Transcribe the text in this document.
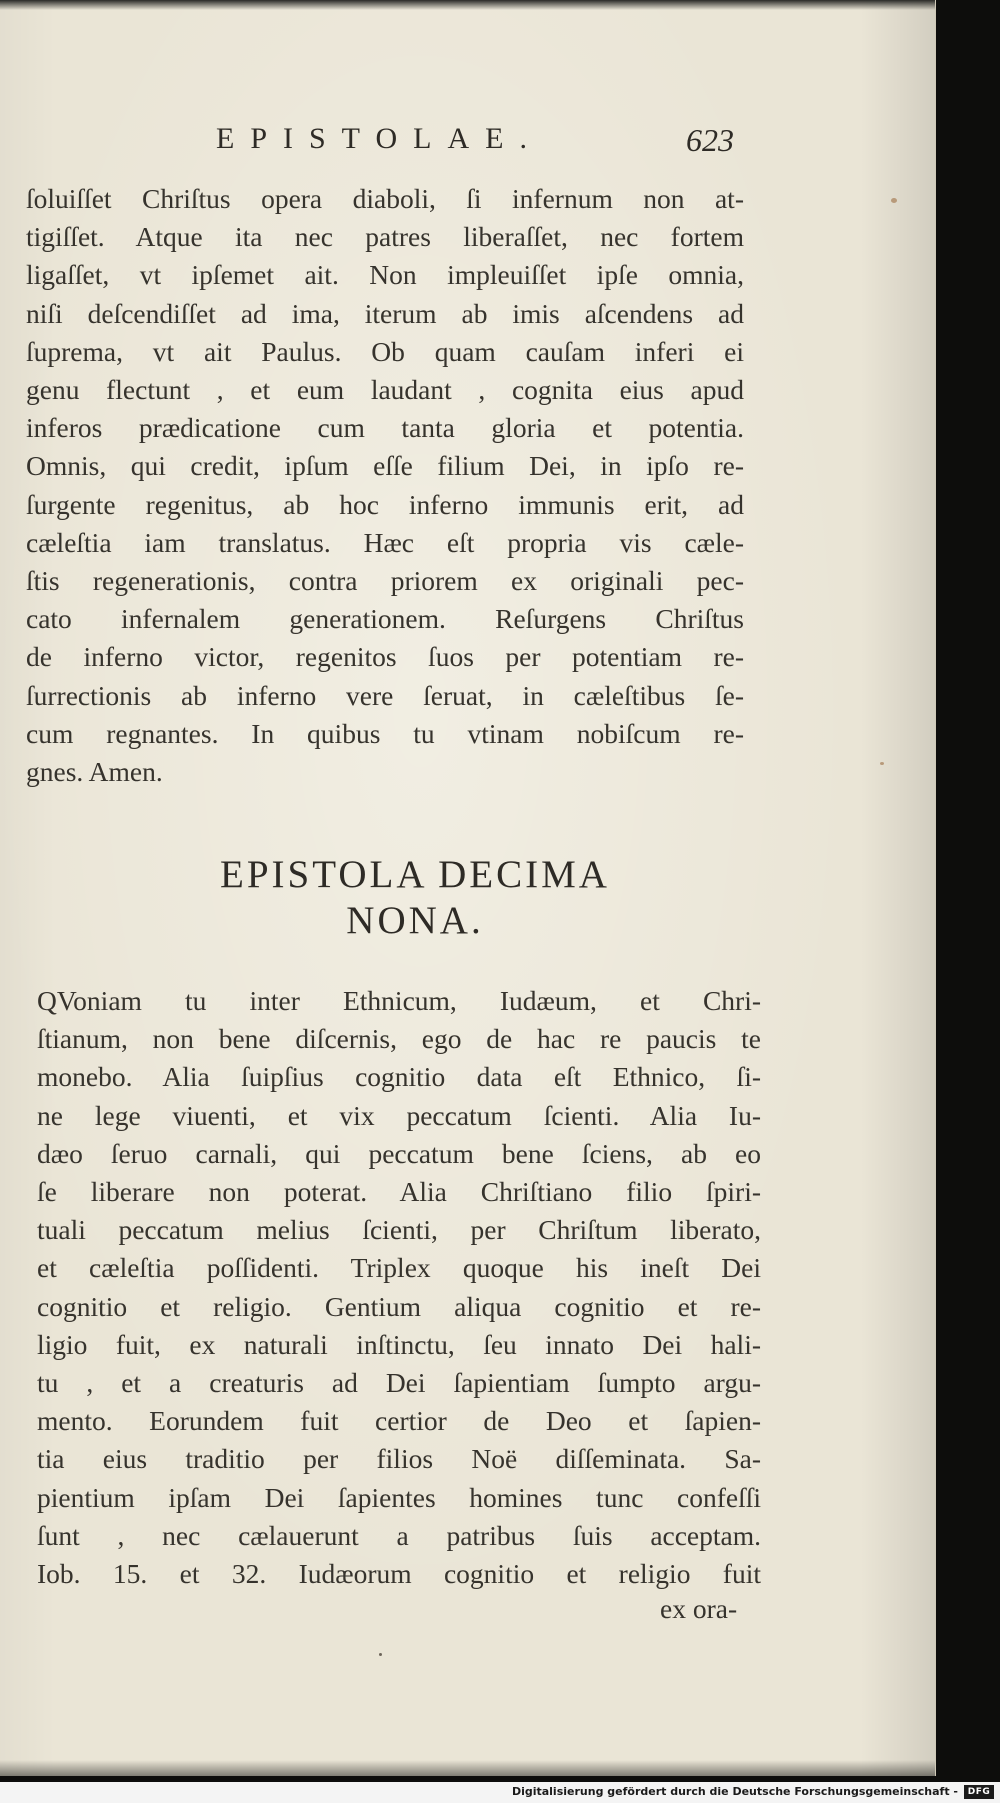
EPISTOLAE.	623

ſoluiſſet Chriſtus opera diaboli, ſi infernum non at-
tigiſſet. Atque ita nec patres liberaſſet, nec fortem
ligaſſet, vt ipſemet ait. Non impleuiſſet ipſe omnia,
niſi deſcendiſſet ad ima, iterum ab imis aſcendens ad
ſuprema, vt ait Paulus. Ob quam cauſam inferi ei
genu flectunt , et eum laudant , cognita eius apud
inferos prædicatione cum tanta gloria et potentia.
Omnis, qui credit, ipſum eſſe filium Dei, in ipſo re-
ſurgente regenitus, ab hoc inferno immunis erit, ad
cæleſtia iam translatus. Hæc eſt propria vis cæle-
ſtis regenerationis, contra priorem ex originali pec-
cato infernalem generationem. Reſurgens Chriſtus
de inferno victor, regenitos ſuos per potentiam re-
ſurrectionis ab inferno vere ſeruat, in cæleſtibus ſe-
cum regnantes. In quibus tu vtinam nobiſcum re-
gnes. Amen.

EPISTOLA DECIMA
NONA.

QVoniam tu inter Ethnicum, Iudæum, et Chri-
ſtianum, non bene diſcernis, ego de hac re paucis te
monebo. Alia ſuipſius cognitio data eſt Ethnico, ſi-
ne lege viuenti, et vix peccatum ſcienti. Alia Iu-
dæo ſeruo carnali, qui peccatum bene ſciens, ab eo
ſe liberare non poterat. Alia Chriſtiano filio ſpiri-
tuali peccatum melius ſcienti, per Chriſtum liberato,
et cæleſtia poſſidenti. Triplex quoque his ineſt Dei
cognitio et religio. Gentium aliqua cognitio et re-
ligio fuit, ex naturali inſtinctu, ſeu innato Dei hali-
tu , et a creaturis ad Dei ſapientiam ſumpto argu-
mento. Eorundem fuit certior de Deo et ſapien-
tia eius traditio per filios Noë diſſeminata. Sa-
pientium ipſam Dei ſapientes homines tunc confeſſi
ſunt , nec cælauerunt a patribus ſuis acceptam.
Iob. 15. et 32. Iudæorum cognitio et religio fuit

ex ora-
Digitalisierung gefördert durch die Deutsche Forschungsgemeinschaft -	DFG
